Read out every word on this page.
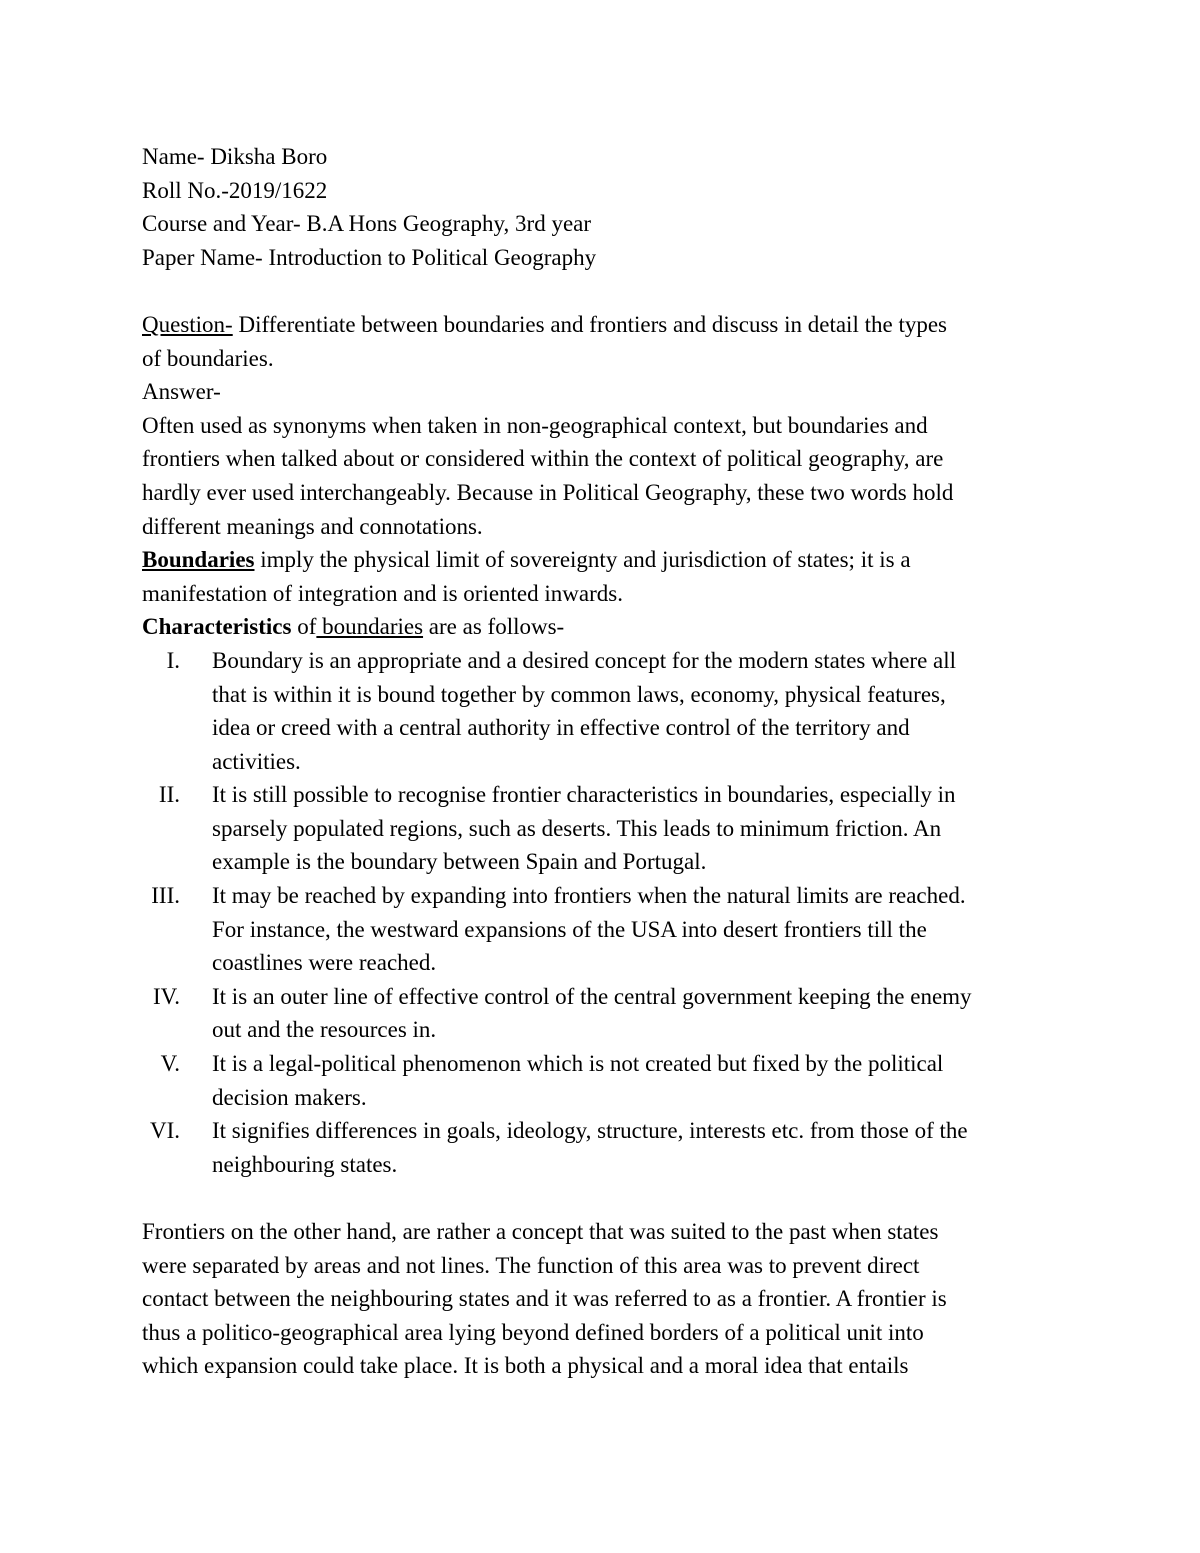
Name- Diksha Boro
Roll No.-2019/1622
Course and Year- B.A Hons Geography, 3rd year
Paper Name- Introduction to Political Geography
Question- Differentiate between boundaries and frontiers and discuss in detail the types
of boundaries.
Answer-
Often used as synonyms when taken in non-geographical context, but boundaries and
frontiers when talked about or considered within the context of political geography, are
hardly ever used interchangeably. Because in Political Geography, these two words hold
different meanings and connotations.
Boundaries imply the physical limit of sovereignty and jurisdiction of states; it is a
manifestation of integration and is oriented inwards.
Characteristics of boundaries are as follows-
I. Boundary is an appropriate and a desired concept for the modern states where all
that is within it is bound together by common laws, economy, physical features,
idea or creed with a central authority in effective control of the territory and
activities.
II. It is still possible to recognise frontier characteristics in boundaries, especially in
sparsely populated regions, such as deserts. This leads to minimum friction. An
example is the boundary between Spain and Portugal.
III. It may be reached by expanding into frontiers when the natural limits are reached.
For instance, the westward expansions of the USA into desert frontiers till the
coastlines were reached.
IV. It is an outer line of effective control of the central government keeping the enemy
out and the resources in.
V. It is a legal-political phenomenon which is not created but fixed by the political
decision makers.
VI. It signifies differences in goals, ideology, structure, interests etc. from those of the
neighbouring states.
Frontiers on the other hand, are rather a concept that was suited to the past when states
were separated by areas and not lines. The function of this area was to prevent direct
contact between the neighbouring states and it was referred to as a frontier. A frontier is
thus a politico-geographical area lying beyond defined borders of a political unit into
which expansion could take place. It is both a physical and a moral idea that entails
